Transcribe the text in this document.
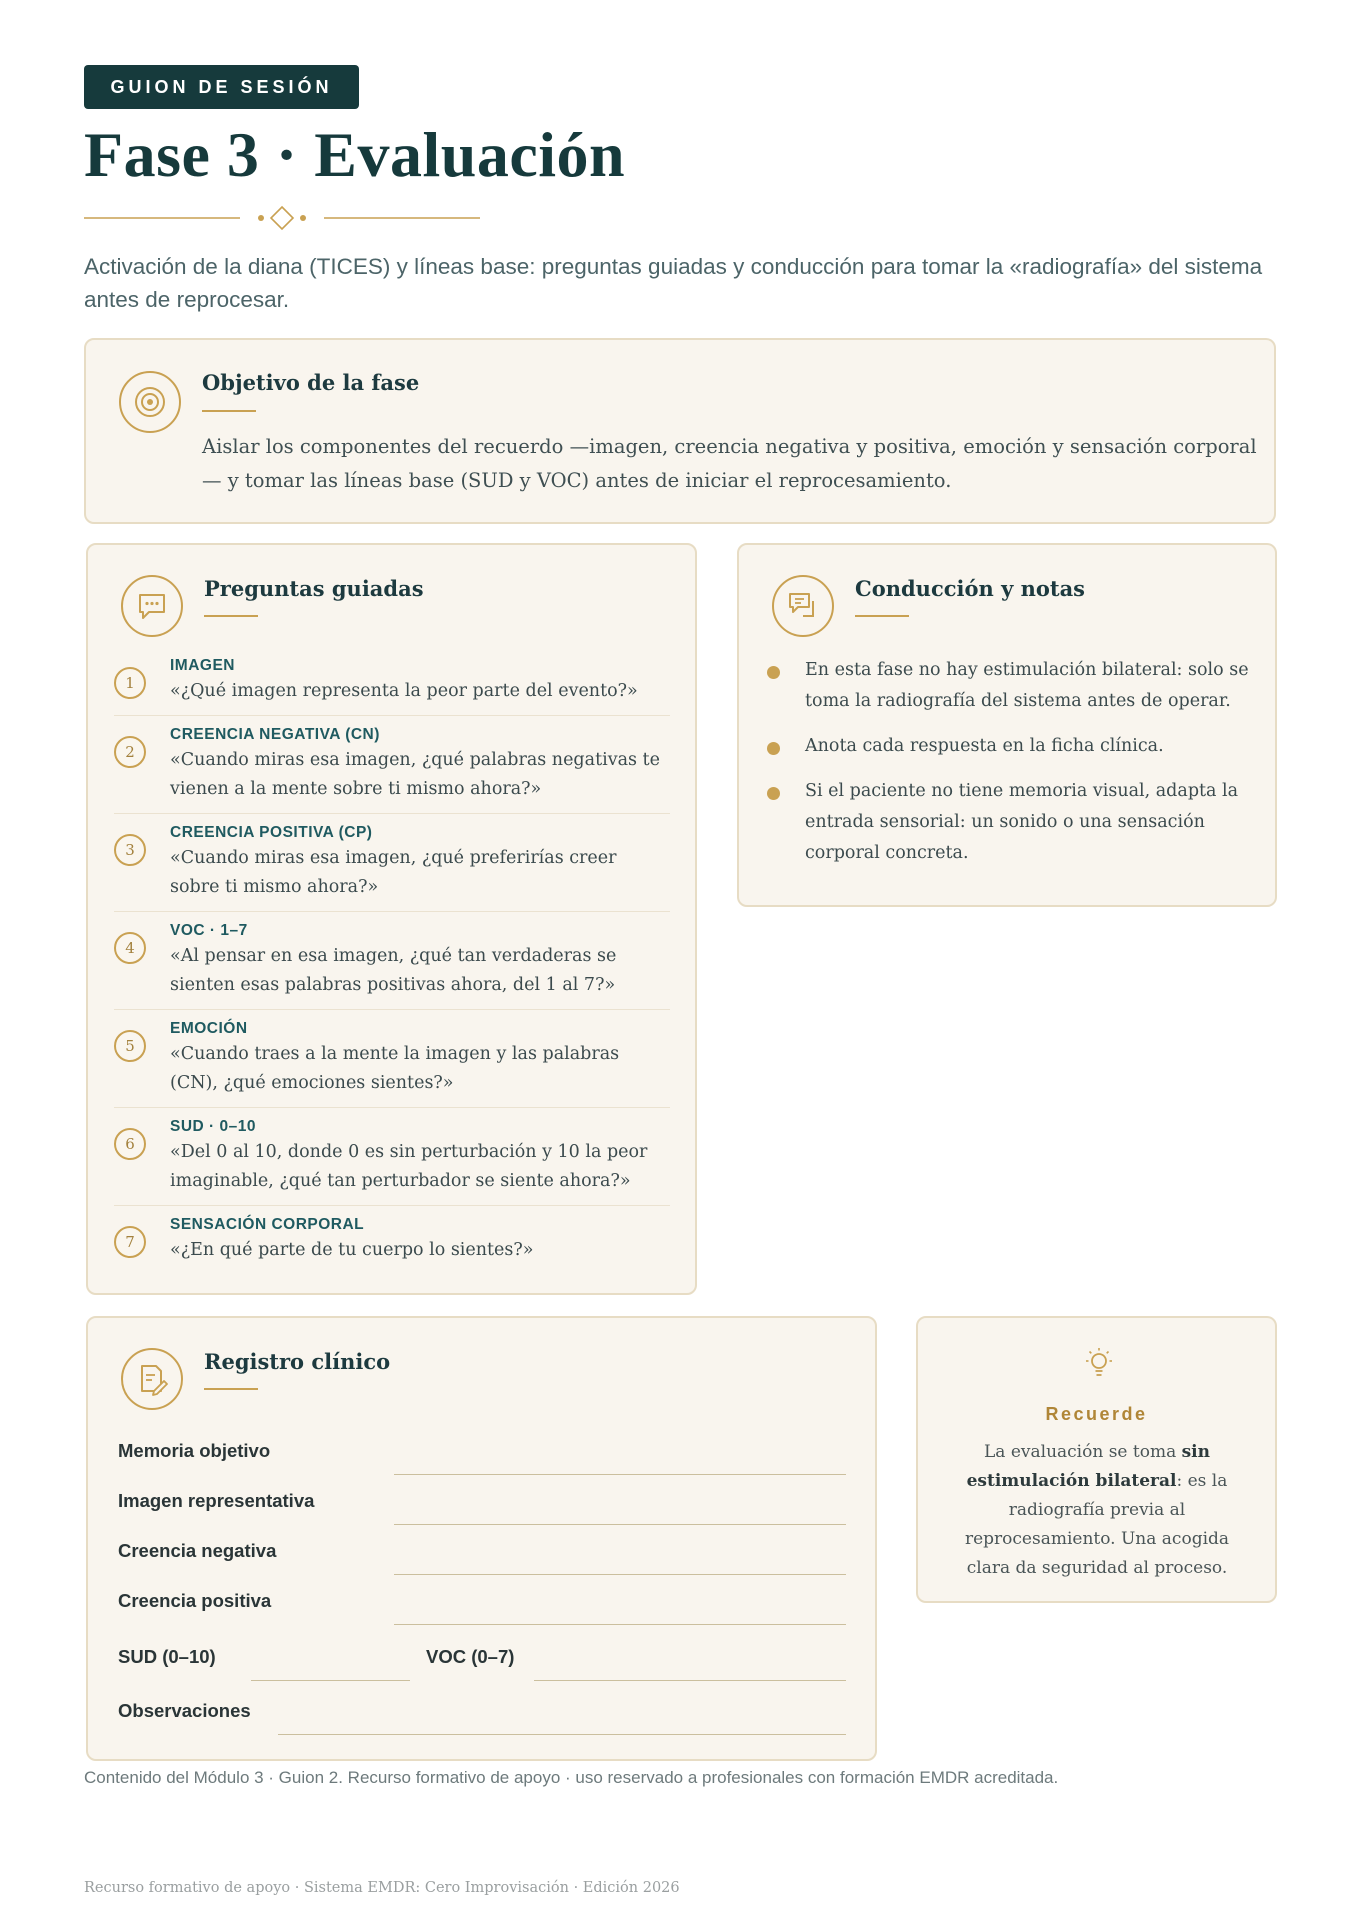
GUION DE SESIÓN
Fase 3 · Evaluación

Activación de la diana (TICES) y líneas base: preguntas guiadas y conducción para tomar la «radiografía» del sistema antes de reprocesar.

Objetivo de la fase

Aislar los componentes del recuerdo —imagen, creencia negativa y positiva, emoción y sensación corporal— y tomar las líneas base (SUD y VOC) antes de iniciar el reprocesamiento.

Preguntas guiadas
1
IMAGEN
«¿Qué imagen representa la peor parte del evento?»
2
CREENCIA NEGATIVA (CN)
«Cuando miras esa imagen, ¿qué palabras negativas te vienen a la mente sobre ti mismo ahora?»
3
CREENCIA POSITIVA (CP)
«Cuando miras esa imagen, ¿qué preferirías creer sobre ti mismo ahora?»
4
VOC · 1–7
«Al pensar en esa imagen, ¿qué tan verdaderas se sienten esas palabras positivas ahora, del 1 al 7?»
5
EMOCIÓN
«Cuando traes a la mente la imagen y las palabras (CN), ¿qué emociones sientes?»
6
SUD · 0–10
«Del 0 al 10, donde 0 es sin perturbación y 10 la peor imaginable, ¿qué tan perturbador se siente ahora?»
7
SENSACIÓN CORPORAL
«¿En qué parte de tu cuerpo lo sientes?»
Conducción y notas
En esta fase no hay estimulación bilateral: solo se toma la radiografía del sistema antes de operar.
Anota cada respuesta en la ficha clínica.
Si el paciente no tiene memoria visual, adapta la entrada sensorial: un sonido o una sensación corporal concreta.
Registro clínico
Memoria objetivo
Imagen representativa
Creencia negativa
Creencia positiva
SUD (0–10)	VOC (0–7)
Observaciones
Recuerde

La evaluación se toma sin estimulación bilateral: es la radiografía previa al reprocesamiento. Una acogida clara da seguridad al proceso.

Contenido del Módulo 3 · Guion 2. Recurso formativo de apoyo · uso reservado a profesionales con formación EMDR acreditada.

Recurso formativo de apoyo · Sistema EMDR: Cero Improvisación · Edición 2026
